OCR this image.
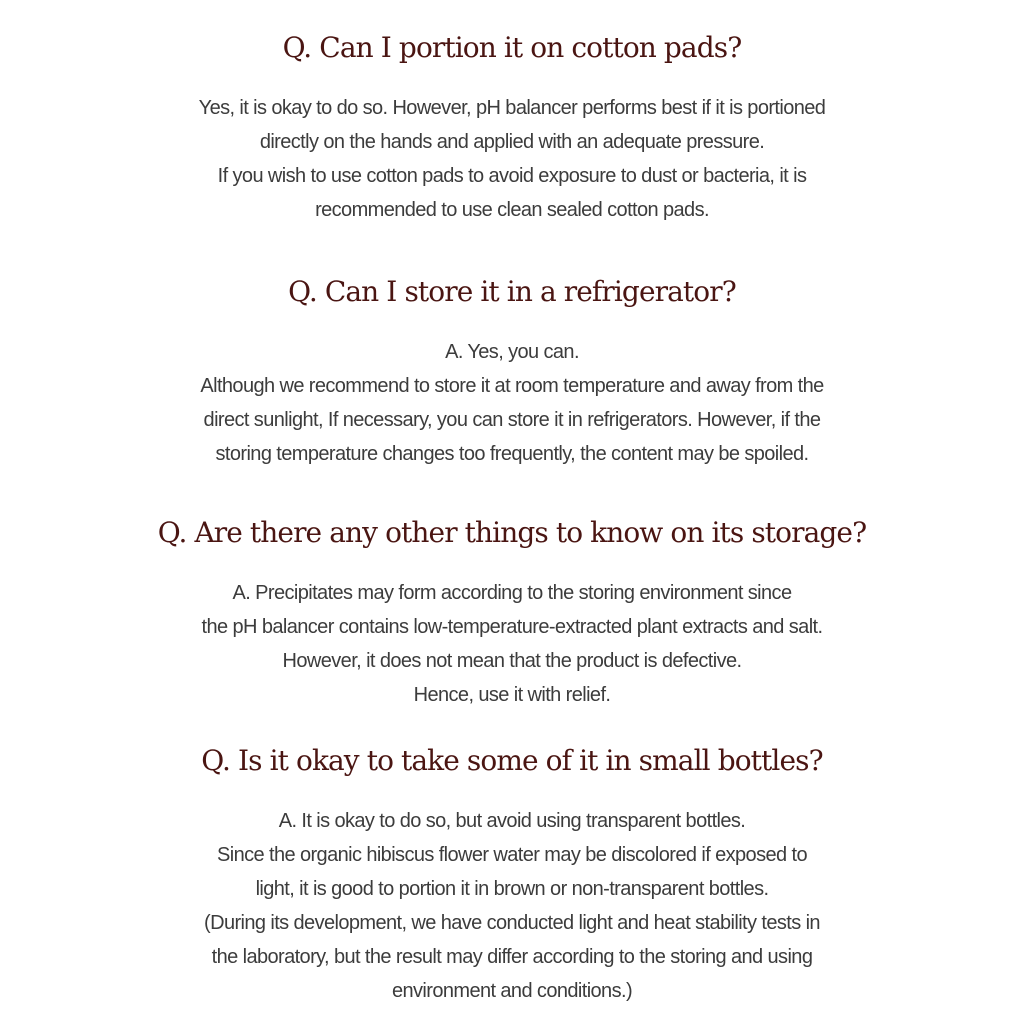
Q. Can I portion it on cotton pads?

Yes, it is okay to do so. However, pH balancer performs best if it is portioned
directly on the hands and applied with an adequate pressure.
If you wish to use cotton pads to avoid exposure to dust or bacteria, it is
recommended to use clean sealed cotton pads.

Q. Can I store it in a refrigerator?

A. Yes, you can.
Although we recommend to store it at room temperature and away from the
direct sunlight, If necessary, you can store it in refrigerators. However, if the
storing temperature changes too frequently, the content may be spoiled.

Q. Are there any other things to know on its storage?

A. Precipitates may form according to the storing environment since
the pH balancer contains low-temperature-extracted plant extracts and salt.
However, it does not mean that the product is defective.
Hence, use it with relief.

Q. Is it okay to take some of it in small bottles?

A. It is okay to do so, but avoid using transparent bottles.
Since the organic hibiscus flower water may be discolored if exposed to
light, it is good to portion it in brown or non-transparent bottles.
(During its development, we have conducted light and heat stability tests in
the laboratory, but the result may differ according to the storing and using
environment and conditions.)
